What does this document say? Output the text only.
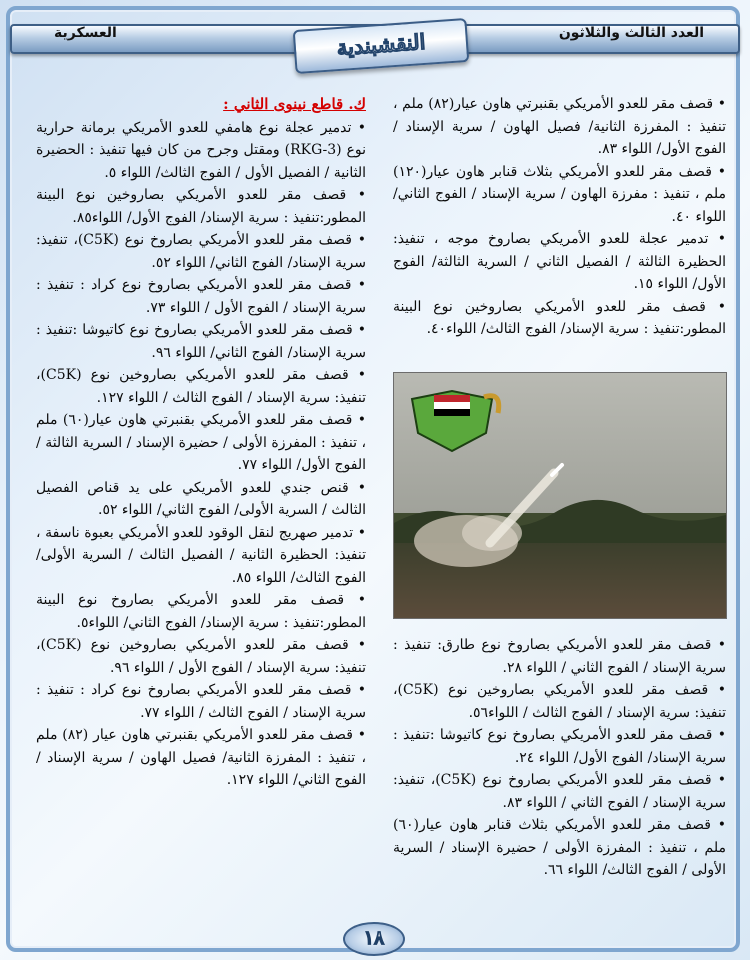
العسكرية	العدد الثالث والثلاثون
النقشبندية
ك. قاطع نينوى الثاني :
• تدمير عجلة نوع هامفي للعدو الأمريكي برمانة حرارية نوع (RKG-3) ومقتل وجرح من كان فيها تنفيذ : الحضيرة الثانية / الفصيل الأول / الفوج الثالث/ اللواء ٥.
• قصف مقر للعدو الأمريكي بصاروخين نوع البينة المطور:تنفيذ : سرية الإسناد/ الفوج الأول/ اللواء٨٥.
• قصف مقر للعدو الأمريكي بصاروخ نوع (C5K)، تنفيذ: سرية الإسناد/ الفوج الثاني/ اللواء ٥٢.
• قصف مقر للعدو الأمريكي بصاروخ نوع كراد : تنفيذ : سرية الإسناد / الفوج الأول / اللواء ٧٣.
• قصف مقر للعدو الأمريكي بصاروخ نوع كاتيوشا :تنفيذ : سرية الإسناد/ الفوج الثاني/ اللواء ٩٦.
• قصف مقر للعدو الأمريكي بصاروخين نوع (C5K)، تنفيذ: سرية الإسناد / الفوج الثالث / اللواء ١٢٧.
• قصف مقر للعدو الأمريكي بقنبرتي هاون عيار(٦٠) ملم ، تنفيذ : المفرزة الأولى / حضيرة الإسناد / السرية الثالثة / الفوج الأول/ اللواء ٧٧.
• قنص جندي للعدو الأمريكي على يد قناص الفصيل الثالث / السرية الأولى/ الفوج الثاني/ اللواء ٥٢.
• تدمير صهريج لنقل الوقود للعدو الأمريكي بعبوة ناسفة ، تنفيذ: الحظيرة الثانية / الفصيل الثالث / السرية الأولى/ الفوج الثالث/ اللواء ٨٥.
• قصف مقر للعدو الأمريكي بصاروخ نوع البينة المطور:تنفيذ : سرية الإسناد/ الفوج الثاني/ اللواء٥.
• قصف مقر للعدو الأمريكي بصاروخين نوع (C5K)، تنفيذ: سرية الإسناد / الفوج الأول / اللواء ٩٦.
• قصف مقر للعدو الأمريكي بصاروخ نوع كراد : تنفيذ : سرية الإسناد / الفوج الثالث / اللواء ٧٧.
• قصف مقر للعدو الأمريكي بقنبرتي هاون عيار (٨٢) ملم ، تنفيذ : المفرزة الثانية/ فصيل الهاون / سرية الإسناد / الفوج الثاني/ اللواء ١٢٧.
• قصف مقر للعدو الأمريكي بقنبرتي هاون عيار(٨٢) ملم ، تنفيذ : المفرزة الثانية/ فصيل الهاون / سرية الإسناد / الفوج الأول/ اللواء ٨٣.
• قصف مقر للعدو الأمريكي بثلاث قنابر هاون عيار(١٢٠) ملم ، تنفيذ : مفرزة الهاون / سرية الإسناد / الفوج الثاني/ اللواء ٤٠.
• تدمير عجلة للعدو الأمريكي بصاروخ موجه ، تنفيذ: الحظيرة الثالثة / الفصيل الثاني / السرية الثالثة/ الفوج الأول/ اللواء ١٥.
• قصف مقر للعدو الأمريكي بصاروخين نوع البينة المطور:تنفيذ : سرية الإسناد/ الفوج الثالث/ اللواء٤٠.
• قصف مقر للعدو الأمريكي بصاروخ نوع طارق: تنفيذ : سرية الإسناد / الفوج الثاني / اللواء ٢٨.
• قصف مقر للعدو الأمريكي بصاروخين نوع (C5K)، تنفيذ: سرية الإسناد / الفوج الثالث / اللواء٥٦.
• قصف مقر للعدو الأمريكي بصاروخ نوع كاتيوشا :تنفيذ : سرية الإسناد/ الفوج الأول/ اللواء ٢٤.
• قصف مقر للعدو الأمريكي بصاروخ نوع (C5K)، تنفيذ: سرية الإسناد / الفوج الثاني / اللواء ٨٣.
• قصف مقر للعدو الأمريكي بثلاث قنابر هاون عيار(٦٠) ملم ، تنفيذ : المفرزة الأولى / حضيرة الإسناد / السرية الأولى / الفوج الثالث/ اللواء ٦٦.
١٨
